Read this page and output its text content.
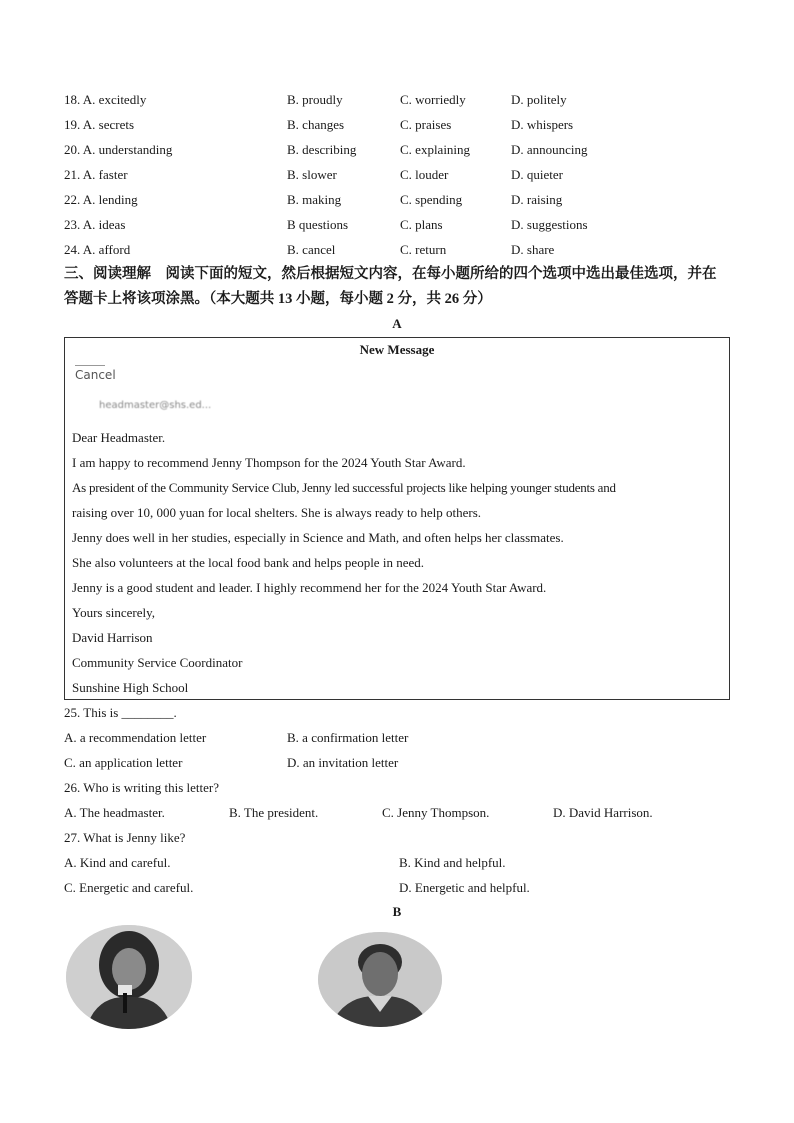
18. A. excitedly	B. proudly	C. worriedly	D. politely
19. A. secrets	B. changes	C. praises	D. whispers
20. A. understanding	B. describing	C. explaining	D. announcing
21. A. faster	B. slower	C. louder	D. quieter
22. A. lending	B. making	C. spending	D. raising
23. A. ideas	B questions	C. plans	D. suggestions
24. A. afford	B. cancel	C. return	D. share
三、阅读理解　阅读下面的短文，然后根据短文内容，在每小题所给的四个选项中选出最佳选项，并在答题卡上将该项涂黑。（本大题共 13 小题，每小题 2 分，共 26 分）
A
New Message
Cancel
headmaster@shs.ed...
Dear Headmaster.
I am happy to recommend Jenny Thompson for the 2024 Youth Star Award.
As president of the Community Service Club, Jenny led successful projects like helping younger students and
raising over 10, 000 yuan for local shelters. She is always ready to help others.
Jenny does well in her studies, especially in Science and Math, and often helps her classmates.
She also volunteers at the local food bank and helps people in need.
Jenny is a good student and leader. I highly recommend her for the 2024 Youth Star Award.
Yours sincerely,
David Harrison
Community Service Coordinator
Sunshine High School
25. This is ________.
A. a recommendation letter	B. a confirmation letter
C. an application letter	D. an invitation letter
26. Who is writing this letter?
A. The headmaster.	B. The president.	C. Jenny Thompson.	D. David Harrison.
27. What is Jenny like?
A. Kind and careful.	B. Kind and helpful.
C. Energetic and careful.	D. Energetic and helpful.
B
